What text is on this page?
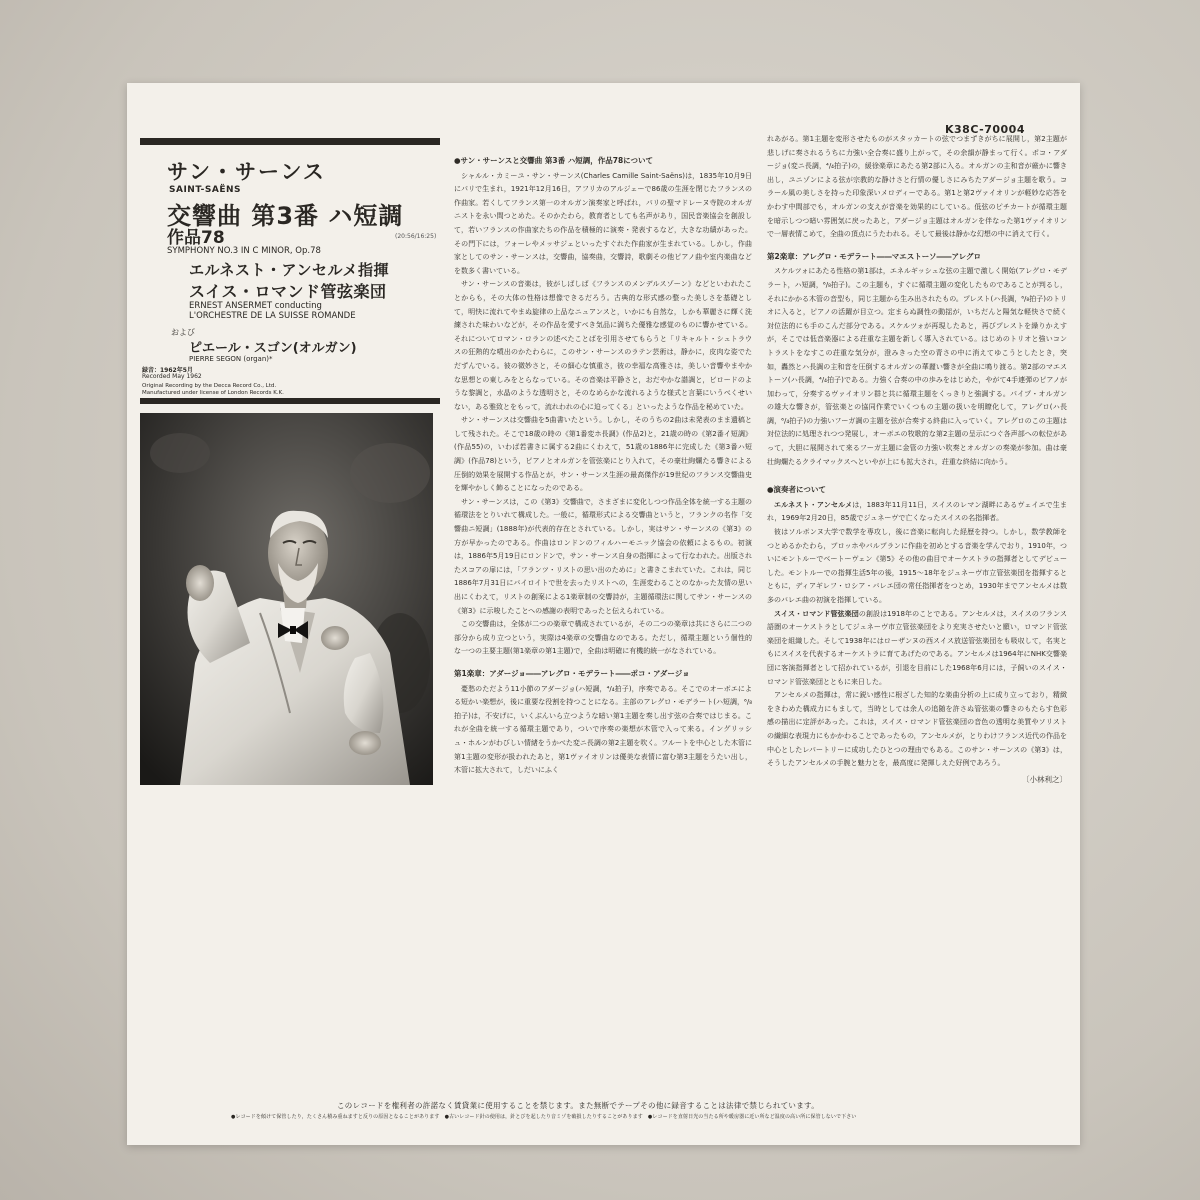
K38C-70004
サン・サーンス
SAINT-SAËNS
交響曲 第3番 ハ短調
作品78
SYMPHONY NO.3 IN C MINOR, Op.78
(20:56/16:25)
エルネスト・アンセルメ指揮
スイス・ロマンド管弦楽団
ERNEST ANSERMET conducting
L'ORCHESTRE DE LA SUISSE ROMANDE
および
ピエール・スゴン(オルガン)
PIERRE SEGON (organ)*
録音：1962年5月
Recorded May 1962
Original Recording by the Decca Record Co., Ltd.
Manufactured under license of London Records K.K.
●サン・サーンスと交響曲 第3番 ハ短調，作品78について

シャルル・カミーユ・サン・サーンス(Charles Camille Saint-Saëns)は，1835年10月9日 にパリで生まれ，1921年12月16日，アフリカのアルジェーで86歳の生涯を閉じたフランスの作曲家。若くしてフランス第一のオルガン演奏家と呼ばれ，パリの聖マドレーヌ寺院のオルガニストを永い間つとめた。そのかたわら，教育者としても名声があり，国民音楽協会を創設して，若いフランスの作曲家たちの作品を積極的に演奏・発表するなど，大きな功績があった。その門下には，フォーレやメッサジェといったすぐれた作曲家が生まれている。しかし，作曲家としてのサン・サーンスは，交響曲，協奏曲，交響詩，歌劇その他ピアノ曲や室内楽曲などを数多く書いている。

サン・サーンスの音楽は，彼がしばしば《フランスのメンデルスゾーン》などといわれたことからも，その大体の性格は想像できるだろう。古典的な形式感の整った美しさを基礎として，明快に流れてやまぬ旋律の上品なニュアンスと，いかにも自然な，しかも華麗さに輝く洗練された味わいなどが，その作品を愛すべき気品に満ちた優雅な感覚のものに響かせている。それについてロマン・ロランの述べたことばを引用させてもらうと「リキャルト・シュトラウスの狂熱的な噴出のかたわらに，このサン・サーンスのラテン芸術は，静かに，皮肉な姿でただずんでいる。彼の微妙さと，その細心な慎重さ，彼の幸福な高雅さは，美しい音響やまやかな思想との東しみをとらなっている。その音楽は平静さと，おだやかな諧調と，ビロードのような黎調と，水晶のような透明さと，そのなめらかな流れるような様式と言葉にいうべくせいない，ある雅致とをもって，流れわれの心に迫ってくる」といったような作品を秘めていた。

サン・サーンスは交響曲を5曲書いたという。しかし，そのうちの2曲は未発表のまま遺稿として残された。そこで18歳の時の《第1番変ホ長調》(作品2)と，21歳の時の《第2番イ短調》(作品55)の，いわば若書きに属する2曲にくわえて，51歳の1886年に完成した《第3番ハ短調》(作品78)という，ピアノとオルガンを管弦楽にとり入れて，その豪壮絢爛たる響きによる圧倒的効果を展開する作品とが，サン・サーンス生涯の最高傑作が19世紀のフランス交響曲史を輝やかしく飾ることになったのである。

サン・サーンスは，この《第3》交響曲で，さまざまに変化しつつ作品全体を統一する主題の循環法をとりいれて構成した。一般に，循環形式による交響曲というと，フランクの名作「交響曲ニ短調」(1888年)が代表的存在とされている。しかし，実はサン・サーンスの《第3》の方が早かったのである。作曲はロンドンのフィルハーモニック協会の依頼によるもの。初演は，1886年5月19日にロンドンで，サン・サーンス自身の指揮によって行なわれた。出版されたスコアの扉には，「フランツ・リストの思い出のために」と書きこまれていた。これは，同じ1886年7月31日にバイロイトで世を去ったリストへの，生涯変わることのなかった友情の思い出にくわえて，リストの創案による1楽章制の交響詩が，主題循環法に関してサン・サーンスの《第3》に示唆したことへの感謝の表明であったと伝えられている。

この交響曲は，全体が二つの楽章で構成されているが，その二つの楽章は共にさらに二つの部分から成り立つという，実際は4楽章の交響曲なのである。ただし，循環主題という個性的な一つの主要主題(第1楽章の第1主題)で，全曲は明確に有機的統一がなされている。

第1楽章：アダージョ――アレグロ・モデラート――ポコ・アダージョ

憂愁のただよう11小節のアダージョ(ハ短調，⁴/₄拍子)，序奏である。そこでのオーボエによる短かい楽想が，後に重要な役割を持つことになる。主部のアレグロ・モデラート(ハ短調，⁶/₈拍子)は，不安げに，いくぶんいら立つような暗い第1主題を奏し出す弦の合奏ではじまる。これが全曲を統一する循環主題であり，ついで序奏の楽想が木管で入って来る。イングリッシュ・ホルンがわびしい情緒をうかべた変ニ長調の第2主題を吹く。フルートを中心とした木管に第1主題の変形が扱われたあと，第1ヴァイオリンは優美な表情に富む第3主題をうたい出し，木管に拡大されて，しだいにふく

れあがる。第1主題を変形させたものがスタッカートの弦でつまずきがちに展開し，第2主題が悲しげに奏されるうちに力強い全合奏に盛り上がって，その余韻が静まって行く。ポコ・アダージョ(変ニ長調，⁴/₄拍子)の，緩徐楽章にあたる第2部に入る。オルガンの主和音が厳かに響き出し，ユニゾンによる弦が宗教的な静けさと行情の優しさにみちたアダージョ主題を歌う。コラール風の美しさを持った印象深いメロディーである。第1と第2ヴァイオリンが軽妙な応答をかわす中間部でも，オルガンの支えが音楽を効果的にしている。低弦のピチカートが循環主題を暗示しつつ暗い雰囲気に戻ったあと，アダージョ主題はオルガンを伴なった第1ヴァイオリンで一層表情こめて，全曲の頂点にうたわれる。そして最後は静かな幻想の中に消えて行く。

第2楽章：アレグロ・モデラート――マエストーソ――アレグロ

スケルツォにあたる性格の第1部は，エネルギッシュな弦の主題で激しく開始(アレグロ・モデラート，ハ短調，⁶/₈拍子)。この主題も，すぐに循環主題の変化したものであることが判るし，それにかかる木管の音型も，同じ主題から生み出されたもの。プレスト(ハ長調，⁶/₈拍子)のトリオに入ると，ピアノの活躍が目立つ。定まらぬ調性の動揺が，いちだんと陽気な軽快さで続く対位法的にも手のこんだ部分である。スケルツォが再現したあと，再びプレストを繰りかえすが，そこでは低音楽器による荘重な主題を新しく導入されている。はじめのトリオと強いコントラストをなすこの荘重な気分が，澄みきった空の青さの中に消えてゆこうとしたとき，突如，轟然とハ長調の主和音を圧倒するオルガンの華麗い響きが全曲に鳴り渡る。第2部のマエストーソ(ハ長調，⁴/₄拍子)である。力強く合奏の中の歩みをはじめた，やがて4手連弾のピアノが加わって，分奏するヴァイオリン群と共に循環主題をくっきりと強調する。パイプ・オルガンの雄大な響きが，管弦楽との協同作業でいくつもの主題の扱いを明瞭化して，アレグロ(ハ長調，⁶/₄拍子)の力強いフーガ調の主題を弦が合奏する終曲に入っていく。アレグロのこの主題は対位法的に処理されつつ発展し，オーボエの牧歌的な第2主題の呈示につぐ各声部への転位があって，大胆に展開されて来るフーガ主題に金管の力強い吹奏とオルガンの奏楽が参加。曲は豪壮絢爛たるクライマックスへといやが上にも拡大され，荘重な終結に向かう。

●演奏者について

エルネスト・アンセルメは，1883年11月11日，スイスのレマン湖畔にあるヴェイエで生まれ，1969年2月20日，85歳でジュネーヴで亡くなったスイスの名指揮者。

彼はソルボンヌ大学で数学を専攻し，後に音楽に転向した経歴を持つ。しかし，数学教師をつとめるかたわら，ブロッホやバルブランに作曲を初めとする音楽を学んでおり，1910年，ついにモントルーでベートーヴェン《第5》その他の曲目でオーケストラの指揮者としてデビューした。モントルーでの指揮生活5年の後，1915～18年をジュネーヴ市立管弦楽団を指揮するとともに，ディアギレフ・ロシア・バレエ団の常任指揮者をつとめ，1930年までアンセルメは数多のバレエ曲の初演を指揮している。

スイス・ロマンド管弦楽団の創設は1918年のことである。アンセルメは，スイスのフランス語圏のオーケストラとしてジュネーヴ市立管弦楽団をより充実させたいと願い，ロマンド管弦楽団を組織した。そして1938年にはローザンヌの西スイス放送管弦楽団をも吸収して，名実ともにスイスを代表するオーケストラに育てあげたのである。アンセルメは1964年にNHK交響楽団に客演指揮者として招かれているが，引退を目前にした1968年6月には，子飼いのスイス・ロマンド管弦楽団とともに来日した。

アンセルメの指揮は，常に鋭い感性に根ざした知的な楽曲分析の上に成り立っており，精緻をきわめた構成力にもまして，当時としては余人の追随を許さぬ管弦楽の響きのもたらす色彩感の描出に定評があった。これは，スイス・ロマンド管弦楽団の音色の透明な美質やソリストの繊細な表現力にもかかわることであったもの，アンセルメが，とりわけフランス近代の作品を中心としたレパートリーに成功したひとつの理由でもある。このサン・サーンスの《第3》は，そうしたアンセルメの手腕と魅力とを，最高度に発揮しえた好例であろう。

〔小林利之〕
このレコードを権利者の許諾なく賃貸業に使用することを禁じます。また無断でテープその他に録音することは法律で禁じられています。
●レコードを傾けて保管したり，たくさん積み重ねますと反りの原因となることがあります　●古いレコード針の使用は，針とびを起したり音ミゾを破損したりすることがあります　●レコードを直射日光の当たる所や暖房器に近い所など温度の高い所に保管しないで下さい
